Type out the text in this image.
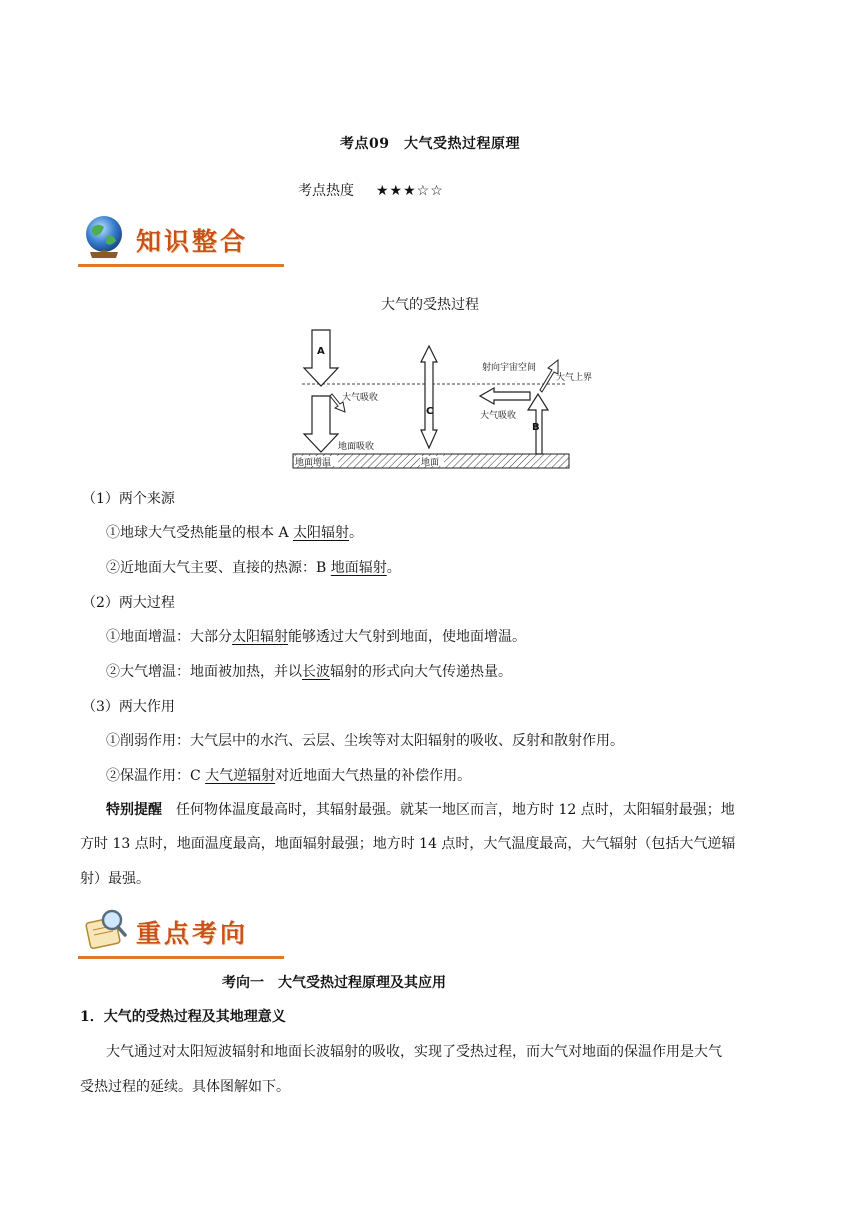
考点09　大气受热过程原理
考点热度 ★★★☆☆
知识整合
大气的受热过程
地面增温	地面
A
大气吸收
地面吸收
C
B
大气吸收
射向宇宙空间
大气上界
（1）两个来源
①地球大气受热能量的根本 A 太阳辐射。
②近地面大气主要、直接的热源：B 地面辐射。
（2）两大过程
①地面增温：大部分太阳辐射能够透过大气射到地面，使地面增温。
②大气增温：地面被加热，并以长波辐射的形式向大气传递热量。
（3）两大作用
①削弱作用：大气层中的水汽、云层、尘埃等对太阳辐射的吸收、反射和散射作用。
②保温作用：C 大气逆辐射对近地面大气热量的补偿作用。
特别提醒 任何物体温度最高时，其辐射最强。就某一地区而言，地方时 12 点时，太阳辐射最强；地
方时 13 点时，地面温度最高，地面辐射最强；地方时 14 点时，大气温度最高，大气辐射（包括大气逆辐
射）最强。
重点考向
考向一　大气受热过程原理及其应用
1．大气的受热过程及其地理意义
大气通过对太阳短波辐射和地面长波辐射的吸收，实现了受热过程，而大气对地面的保温作用是大气
受热过程的延续。具体图解如下。
